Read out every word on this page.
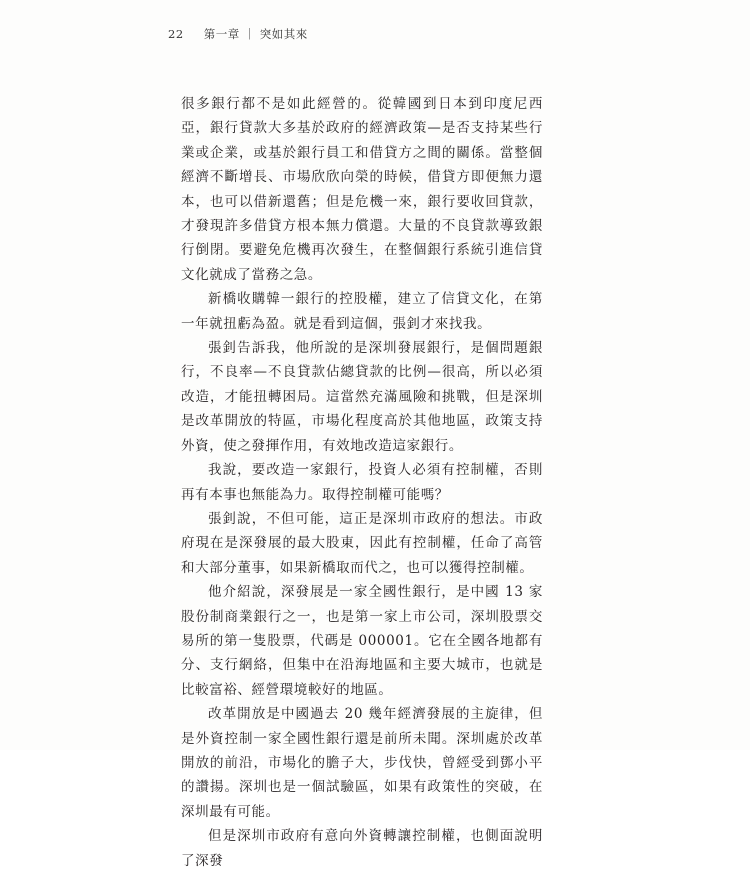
22 第一章 ｜ 突如其來

很多銀行都不是如此經營的。從韓國到日本到印度尼西亞，銀行貸款大多基於政府的經濟政策—是否支持某些行業或企業，或基於銀行員工和借貸方之間的關係。當整個經濟不斷增長、市場欣欣向榮的時候，借貸方即便無力還本，也可以借新還舊；但是危機一來，銀行要收回貸款，才發現許多借貸方根本無力償還。大量的不良貸款導致銀行倒閉。要避免危機再次發生，在整個銀行系統引進信貸文化就成了當務之急。

新橋收購韓一銀行的控股權，建立了信貸文化，在第一年就扭虧為盈。就是看到這個，張釗才來找我。

張釗告訴我，他所說的是深圳發展銀行，是個問題銀行，不良率—不良貸款佔總貸款的比例—很高，所以必須改造，才能扭轉困局。這當然充滿風險和挑戰，但是深圳是改革開放的特區，市場化程度高於其他地區，政策支持外資，使之發揮作用，有效地改造這家銀行。

我說，要改造一家銀行，投資人必須有控制權，否則再有本事也無能為力。取得控制權可能嗎？

張釗說，不但可能，這正是深圳市政府的想法。市政府現在是深發展的最大股東，因此有控制權，任命了高管和大部分董事，如果新橋取而代之，也可以獲得控制權。

他介紹說，深發展是一家全國性銀行，是中國 13 家股份制商業銀行之一，也是第一家上市公司，深圳股票交易所的第一隻股票，代碼是 000001。它在全國各地都有分、支行網絡，但集中在沿海地區和主要大城市，也就是比較富裕、經營環境較好的地區。

改革開放是中國過去 20 幾年經濟發展的主旋律，但是外資控制一家全國性銀行還是前所未聞。深圳處於改革開放的前沿，市場化的膽子大，步伐快，曾經受到鄧小平的讚揚。深圳也是一個試驗區，如果有政策性的突破，在深圳最有可能。

但是深圳市政府有意向外資轉讓控制權，也側面說明了深發
